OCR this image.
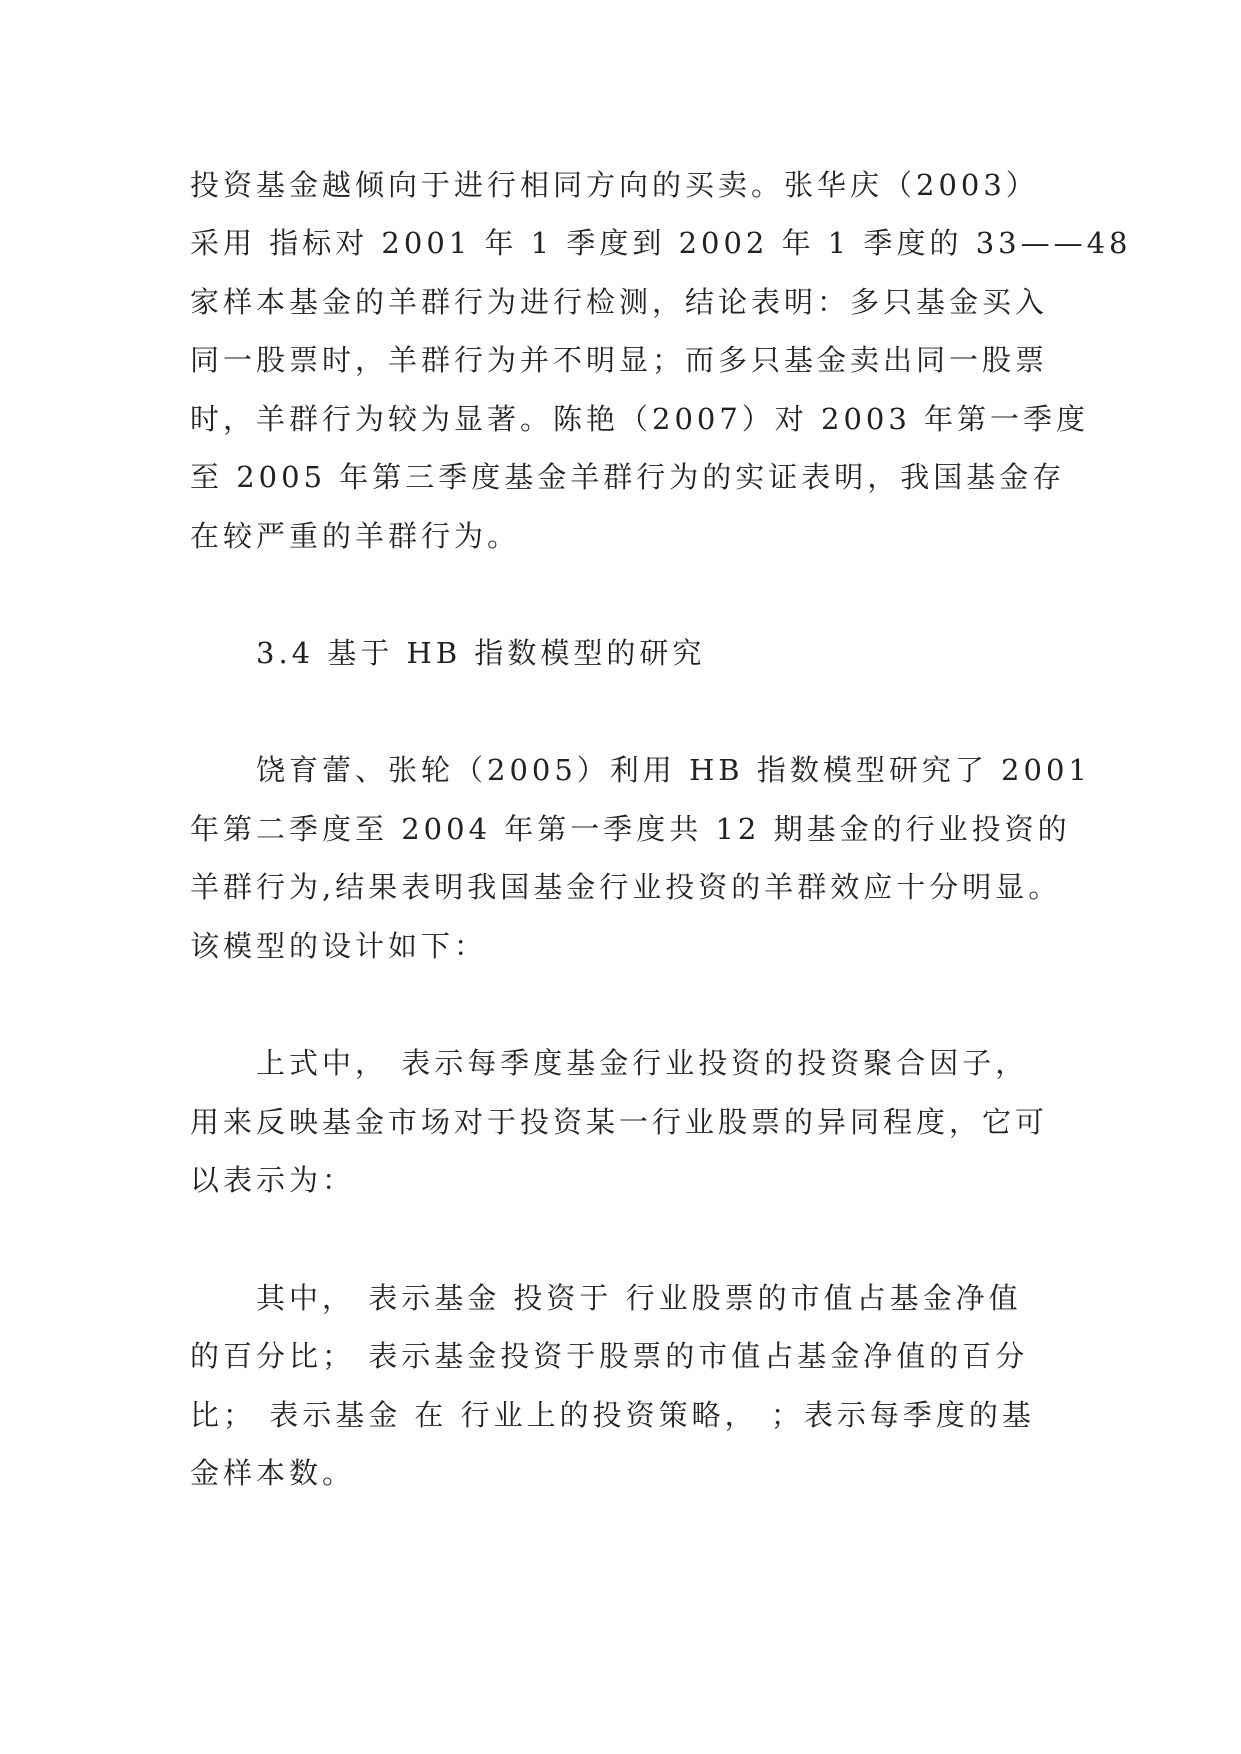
投资基金越倾向于进行相同方向的买卖。张华庆（2003）
采用 指标对 2001 年 1 季度到 2002 年 1 季度的 33——48
家样本基金的羊群行为进行检测，结论表明：多只基金买入
同一股票时，羊群行为并不明显；而多只基金卖出同一股票
时，羊群行为较为显著。陈艳（2007）对 2003 年第一季度
至 2005 年第三季度基金羊群行为的实证表明，我国基金存
在较严重的羊群行为。
3.4 基于 HB 指数模型的研究
饶育蕾、张轮（2005）利用 HB 指数模型研究了 2001
年第二季度至 2004 年第一季度共 12 期基金的行业投资的
羊群行为,结果表明我国基金行业投资的羊群效应十分明显。
该模型的设计如下：
上式中， 表示每季度基金行业投资的投资聚合因子，
用来反映基金市场对于投资某一行业股票的异同程度，它可
以表示为：
其中， 表示基金 投资于 行业股票的市值占基金净值
的百分比； 表示基金投资于股票的市值占基金净值的百分
比； 表示基金 在 行业上的投资策略， ；表示每季度的基
金样本数。
